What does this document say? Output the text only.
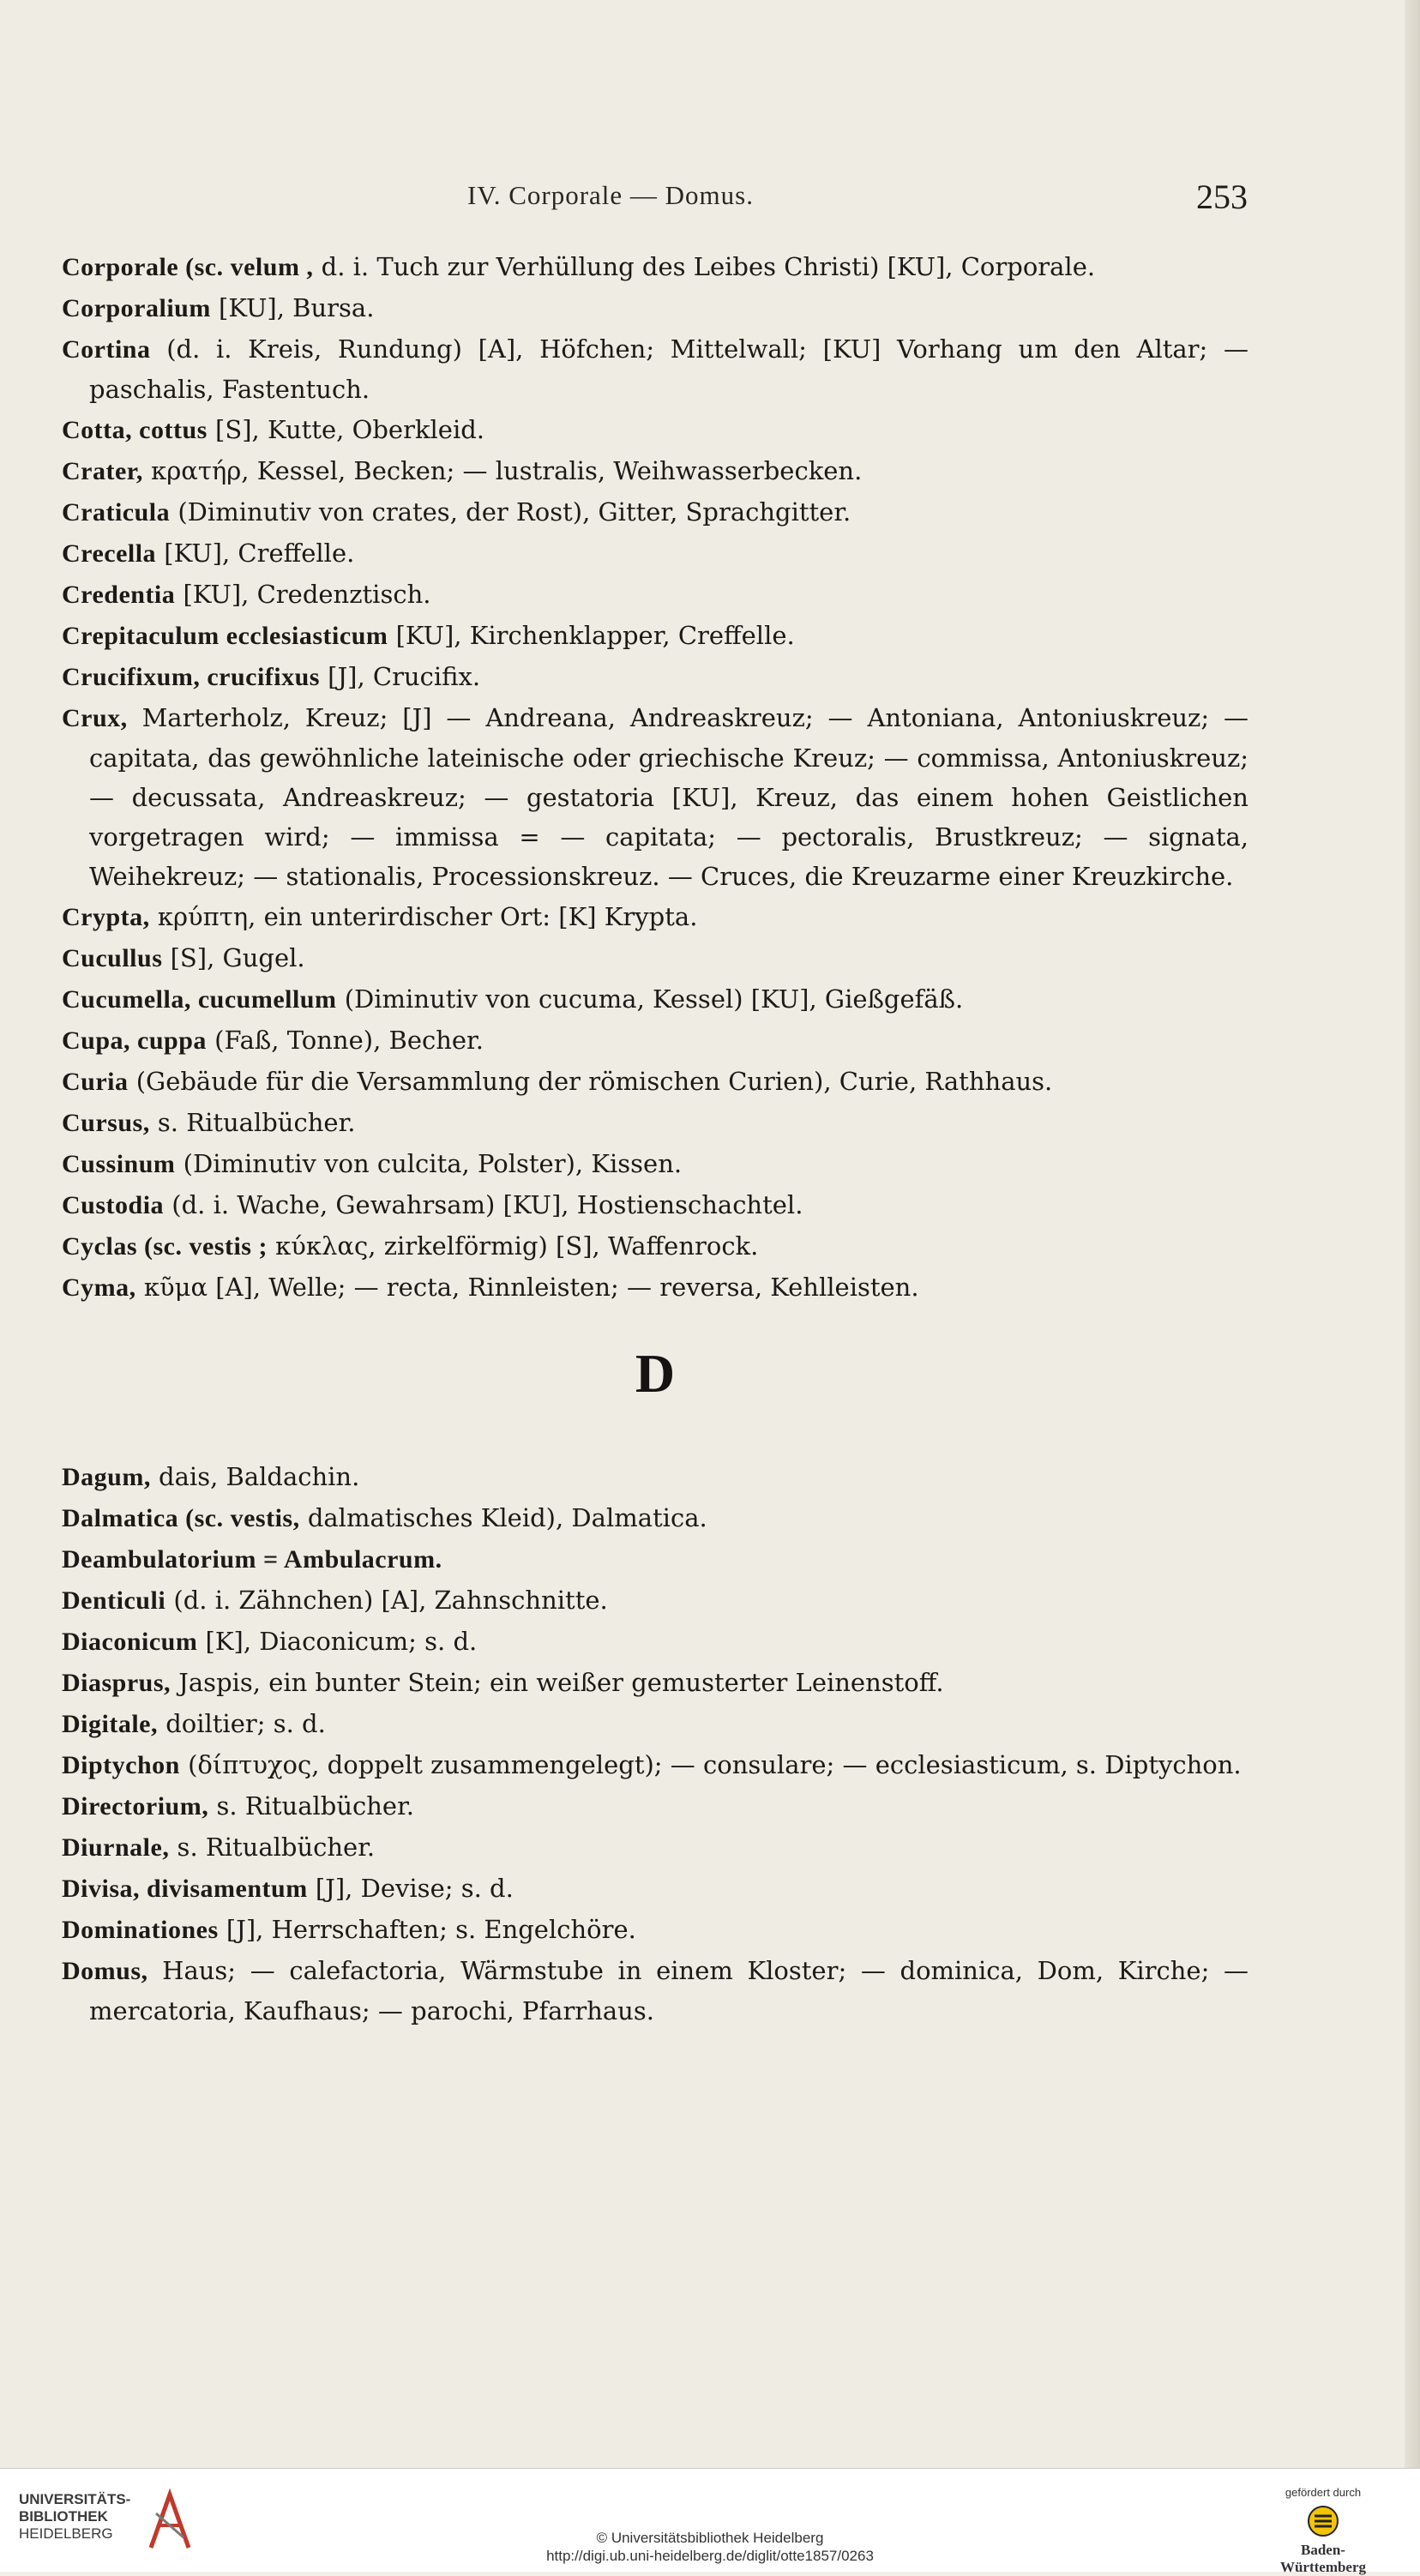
IV. Corporale — Domus.	253

Corporale (sc. velum , d. i. Tuch zur Verhüllung des Leibes Christi) [KU], Corporale.

Corporalium [KU], Bursa.

Cortina (d. i. Kreis, Rundung) [A], Höfchen; Mittelwall; [KU] Vorhang um den Altar; — paschalis, Fastentuch.

Cotta, cottus [S], Kutte, Oberkleid.

Crater, κρατήρ, Kessel, Becken; — lustralis, Weihwasserbecken.

Craticula (Diminutiv von crates, der Rost), Gitter, Sprachgitter.

Crecella [KU], Creffelle.

Credentia [KU], Credenztisch.

Crepitaculum ecclesiasticum [KU], Kirchenklapper, Creffelle.

Crucifixum, crucifixus [J], Crucifix.

Crux, Marterholz, Kreuz; [J] — Andreana, Andreaskreuz; — Antoniana, Antoniuskreuz; — capitata, das gewöhnliche lateinische oder griechische Kreuz; — commissa, Antoniuskreuz; — decussata, Andreaskreuz; — gestatoria [KU], Kreuz, das einem hohen Geistlichen vorgetragen wird; — immissa = — capitata; — pectoralis, Brustkreuz; — signata, Weihekreuz; — stationalis, Processionskreuz. — Cruces, die Kreuzarme einer Kreuzkirche.

Crypta, κρύπτη, ein unterirdischer Ort: [K] Krypta.

Cucullus [S], Gugel.

Cucumella, cucumellum (Diminutiv von cucuma, Kessel) [KU], Gießgefäß.

Cupa, cuppa (Faß, Tonne), Becher.

Curia (Gebäude für die Versammlung der römischen Curien), Curie, Rathhaus.

Cursus, s. Ritualbücher.

Cussinum (Diminutiv von culcita, Polster), Kissen.

Custodia (d. i. Wache, Gewahrsam) [KU], Hostienschachtel.

Cyclas (sc. vestis ; κύκλας, zirkelförmig) [S], Waffenrock.

Cyma, κῦμα [A], Welle; — recta, Rinnleisten; — reversa, Kehlleisten.

D

Dagum, dais, Baldachin.

Dalmatica (sc. vestis, dalmatisches Kleid), Dalmatica.

Deambulatorium = Ambulacrum.

Denticuli (d. i. Zähnchen) [A], Zahnschnitte.

Diaconicum [K], Diaconicum; s. d.

Diasprus, Jaspis, ein bunter Stein; ein weißer gemusterter Leinenstoff.

Digitale, doiltier; s. d.

Diptychon (δίπτυχος, doppelt zusammengelegt); — consulare; — ecclesiasticum, s. Diptychon.

Directorium, s. Ritualbücher.

Diurnale, s. Ritualbücher.

Divisa, divisamentum [J], Devise; s. d.

Dominationes [J], Herrschaften; s. Engelchöre.

Domus, Haus; — calefactoria, Wärmstube in einem Kloster; — dominica, Dom, Kirche; — mercatoria, Kaufhaus; — parochi, Pfarrhaus.

UNIVERSITÄTS-
BIBLIOTHEK
HEIDELBERG	© Universitätsbibliothek Heidelberg
http://digi.ub.uni-heidelberg.de/diglit/otte1857/0263
gefördert durch
Baden-Württemberg
